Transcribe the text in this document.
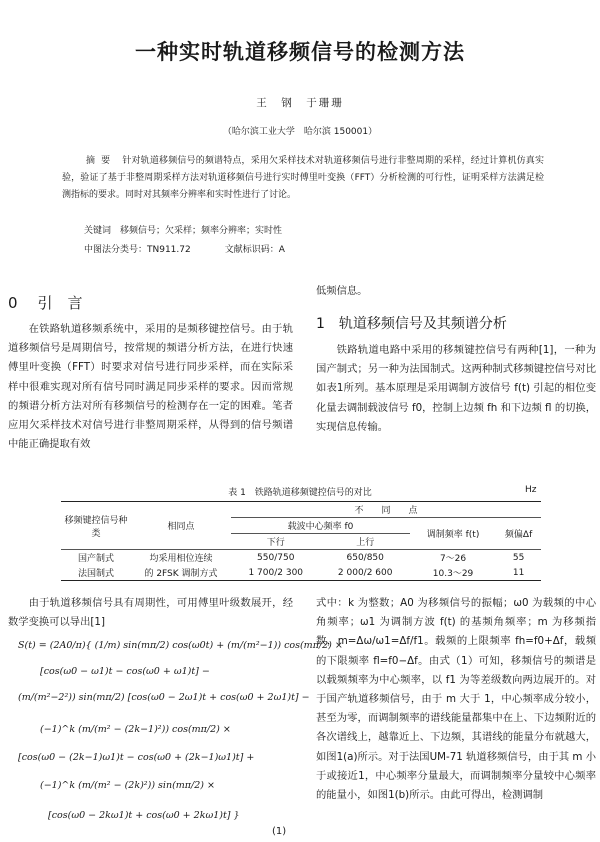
一种实时轨道移频信号的检测方法
王　钢　于珊珊
（哈尔滨工业大学　哈尔滨 150001）
摘要 针对轨道移频信号的频谱特点，采用欠采样技术对轨道移频信号进行非整周期的采样，经过计算机仿真实验，验证了基于非整周期采样方法对轨道移频信号进行实时傅里叶变换（FFT）分析检测的可行性，证明采样方法满足检测指标的要求。同时对其频率分辨率和实时性进行了讨论。
关键词　移频信号；欠采样；频率分辨率；实时性
中图法分类号：TN911.72	文献标识码：A
0 引　言
在铁路轨道移频系统中，采用的是频移键控信号。由于轨道移频信号是周期信号，按常规的频谱分析方法，在进行快速傅里叶变换（FFT）时要求对信号进行同步采样，而在实际采样中很难实现对所有信号同时满足同步采样的要求。因而常规的频谱分析方法对所有移频信号的检测存在一定的困难。笔者应用欠采样技术对信号进行非整周期采样，从得到的信号频谱中能正确提取有效
低频信息。
1 轨道移频信号及其频谱分析
铁路轨道电路中采用的移频键控信号有两种[1]，一种为国产制式；另一种为法国制式。这两种制式移频键控信号对比如表1所列。基本原理是采用调制方波信号 f(t) 引起的相位变化量去调制载波信号 f0，控制上边频 fh 和下边频 fl 的切换，实现信息传输。
表 1　铁路轨道移频键控信号的对比	Hz
移频键控信号种类	相同点	不　　同　　点			
		载波中心频率 f0		调制频率 f(t)	频偏Δf
		下行	上行		
国产制式	均采用相位连续	550/750	650/850	7～26	55
法国制式	的 2FSK 调制方式	1 700/2 300	2 000/2 600	10.3～29	11
由于轨道移频信号具有周期性，可用傅里叶级数展开，经数学变换可以导出[1]
S(t) = (2A0/π){ (1/m) sin(mπ/2) cos(ω0t) + (m/(m²−1)) cos(mπ/2) ×
[cos(ω0 − ω1)t − cos(ω0 + ω1)t] −
(m/(m²−2²)) sin(mπ/2) [cos(ω0 − 2ω1)t + cos(ω0 + 2ω1)t] −
(−1)^k (m/(m² − (2k−1)²)) cos(mπ/2) ×
[cos(ω0 − (2k−1)ω1)t − cos(ω0 + (2k−1)ω1)t] +
(−1)^k (m/(m² − (2k)²)) sin(mπ/2) ×
[cos(ω0 − 2kω1)t + cos(ω0 + 2kω1)t] }
(1)
式中：k 为整数；A0 为移频信号的振幅；ω0 为载频的中心角频率；ω1 为调制方波 f(t) 的基频角频率；m 为移频指数，m=Δω/ω1=Δf/f1。载频的上限频率 fh=f0+Δf，载频的下限频率 fl=f0−Δf。由式（1）可知，移频信号的频谱是以载频频率为中心频率，以 f1 为等差级数向两边展开的。对于国产轨道移频信号，由于 m 大于 1，中心频率成分较小，甚至为零，而调制频率的谱线能量都集中在上、下边频附近的各次谱线上，越靠近上、下边频，其谱线的能量分布就越大，如图1(a)所示。对于法国UM-71 轨道移频信号，由于其 m 小于或接近1，中心频率分量最大，而调制频率分量较中心频率的能量小，如图1(b)所示。由此可得出，检测调制
